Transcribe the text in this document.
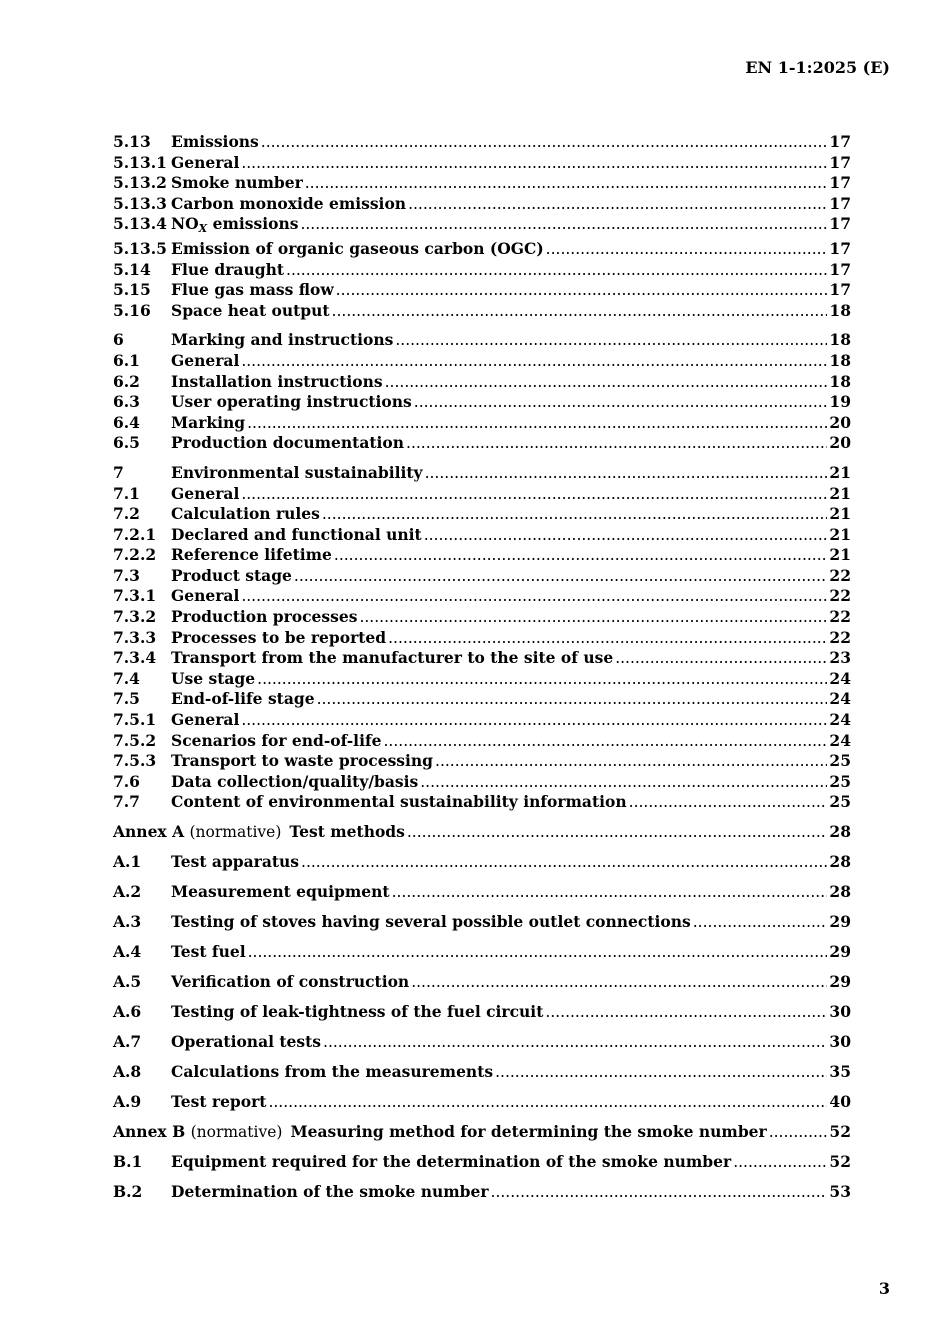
EN 1-1:2025 (E)
5.13	Emissions .....	17
5.13.1 General .....	17
5.13.2 Smoke number .....	17
5.13.3 Carbon monoxide emission .....	17
5.13.4 $NO_X$ emissions .....	17
5.13.5 Emission of organic gaseous carbon (OGC) .....	17
5.14	Flue draught .....	17
5.15	Flue gas mass flow .....	17
5.16	Space heat output .....	18
6	Marking and instructions .....	18
6.1	General .....	18
6.2	Installation instructions .....	18
6.3	User operating instructions .....	19
6.4	Marking .....	20
6.5	Production documentation .....	20
7	Environmental sustainability .....	21
7.1	General .....	21
7.2	Calculation rules .....	21
7.2.1 Declared and functional unit .....	21
7.2.2 Reference lifetime .....	21
7.3	Product stage .....	22
7.3.1 General .....	22
7.3.2 Production processes .....	22
7.3.3 Processes to be reported .....	22
7.3.4 Transport from the manufacturer to the site of use .....	23
7.4	Use stage .....	24
7.5	End-of-life stage .....	24
7.5.1 General .....	24
7.5.2 Scenarios for end-of-life .....	24
7.5.3 Transport to waste processing .....	25
7.6	Data collection/quality/basis .....	25
7.7	Content of environmental sustainability information .....	25
Annex A (normative) Test methods .....	28
A.1	Test apparatus .....	28
A.2	Measurement equipment .....	28
A.3	Testing of stoves having several possible outlet connections .....	29
A.4	Test fuel .....	29
A.5	Verification of construction .....	29
A.6	Testing of leak-tightness of the fuel circuit .....	30
A.7	Operational tests .....	30
A.8	Calculations from the measurements .....	35
A.9	Test report .....	40
Annex B (normative) Measuring method for determining the smoke number .....	52
B.1	Equipment required for the determination of the smoke number .....	52
B.2	Determination of the smoke number .....	53
3
